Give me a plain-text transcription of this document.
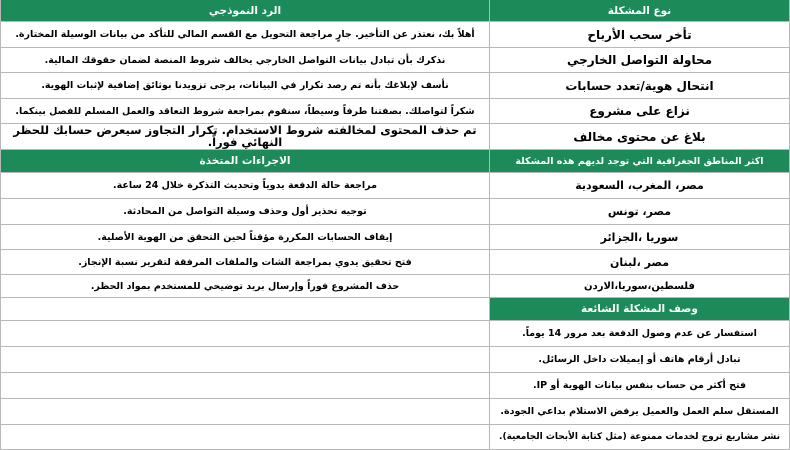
الرد النموذجي	نوع المشكلة
أهلاً بك، نعتذر عن التأخير. جارٍ مراجعة التحويل مع القسم المالي للتأكد من بيانات الوسيلة المختارة.	تأخر سحب الأرباح
نذكرك بأن تبادل بيانات التواصل الخارجي يخالف شروط المنصة لضمان حقوقك المالية.	محاولة التواصل الخارجي
نأسف لإبلاغك بأنه تم رصد تكرار في البيانات، يرجى تزويدنا بوثائق إضافية لإثبات الهوية.	انتحال هوية/تعدد حسابات
شكراً لتواصلك. بصفتنا طرفاً وسيطاً، سنقوم بمراجعة شروط التعاقد والعمل المسلم للفصل بينكما.	نزاع على مشروع
تم حذف المحتوى لمخالفته شروط الاستخدام. تكرار التجاوز سيعرض حسابك للحظر النهائي فوراً.	بلاغ عن محتوى مخالف
الاجراءات المتخذة	اكثر المناطق الجغرافية التي توجد لديهم هذه المشكلة
مراجعة حالة الدفعة يدوياً وتحديث التذكرة خلال 24 ساعة.	مصر، المغرب، السعودية
توجيه تحذير أول وحذف وسيلة التواصل من المحادثة.	مصر، تونس
إيقاف الحسابات المكررة مؤقتاً لحين التحقق من الهوية الأصلية.	سوريا ،الجزائر
فتح تحقيق يدوي بمراجعة الشات والملفات المرفقة لتقرير نسبة الإنجاز.	مصر ،لبنان
حذف المشروع فوراً وإرسال بريد توضيحي للمستخدم بمواد الحظر.	فلسطين،سوريا،الاردن
وصف المشكلة الشائعة
استفسار عن عدم وصول الدفعة بعد مرور 14 يوماً.
تبادل أرقام هاتف أو إيميلات داخل الرسائل.
فتح أكثر من حساب بنفس بيانات الهوية أو IP.
المستقل سلم العمل والعميل يرفض الاستلام بداعي الجودة.
نشر مشاريع تروج لخدمات ممنوعة (مثل كتابة الأبحاث الجامعية).
